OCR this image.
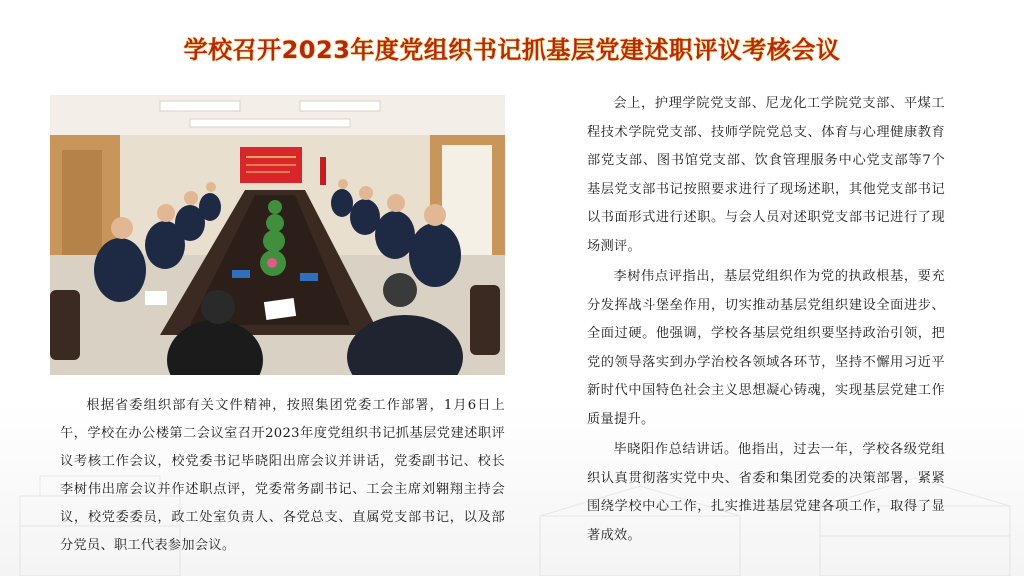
学校召开2023年度党组织书记抓基层党建述职评议考核会议

根据省委组织部有关文件精神，按照集团党委工作部署，1月6日上午，学校在办公楼第二会议室召开2023年度党组织书记抓基层党建述职评议考核工作会议，校党委书记毕晓阳出席会议并讲话，党委副书记、校长李树伟出席会议并作述职点评，党委常务副书记、工会主席刘翱翔主持会议，校党委委员，政工处室负责人、各党总支、直属党支部书记，以及部分党员、职工代表参加会议。

会上，护理学院党支部、尼龙化工学院党支部、平煤工程技术学院党支部、技师学院党总支、体育与心理健康教育部党支部、图书馆党支部、饮食管理服务中心党支部等7个基层党支部书记按照要求进行了现场述职，其他党支部书记以书面形式进行述职。与会人员对述职党支部书记进行了现场测评。

李树伟点评指出，基层党组织作为党的执政根基，要充分发挥战斗堡垒作用，切实推动基层党组织建设全面进步、全面过硬。他强调，学校各基层党组织要坚持政治引领，把党的领导落实到办学治校各领域各环节，坚持不懈用习近平新时代中国特色社会主义思想凝心铸魂，实现基层党建工作质量提升。

毕晓阳作总结讲话。他指出，过去一年，学校各级党组织认真贯彻落实党中央、省委和集团党委的决策部署，紧紧围绕学校中心工作，扎实推进基层党建各项工作，取得了显著成效。
